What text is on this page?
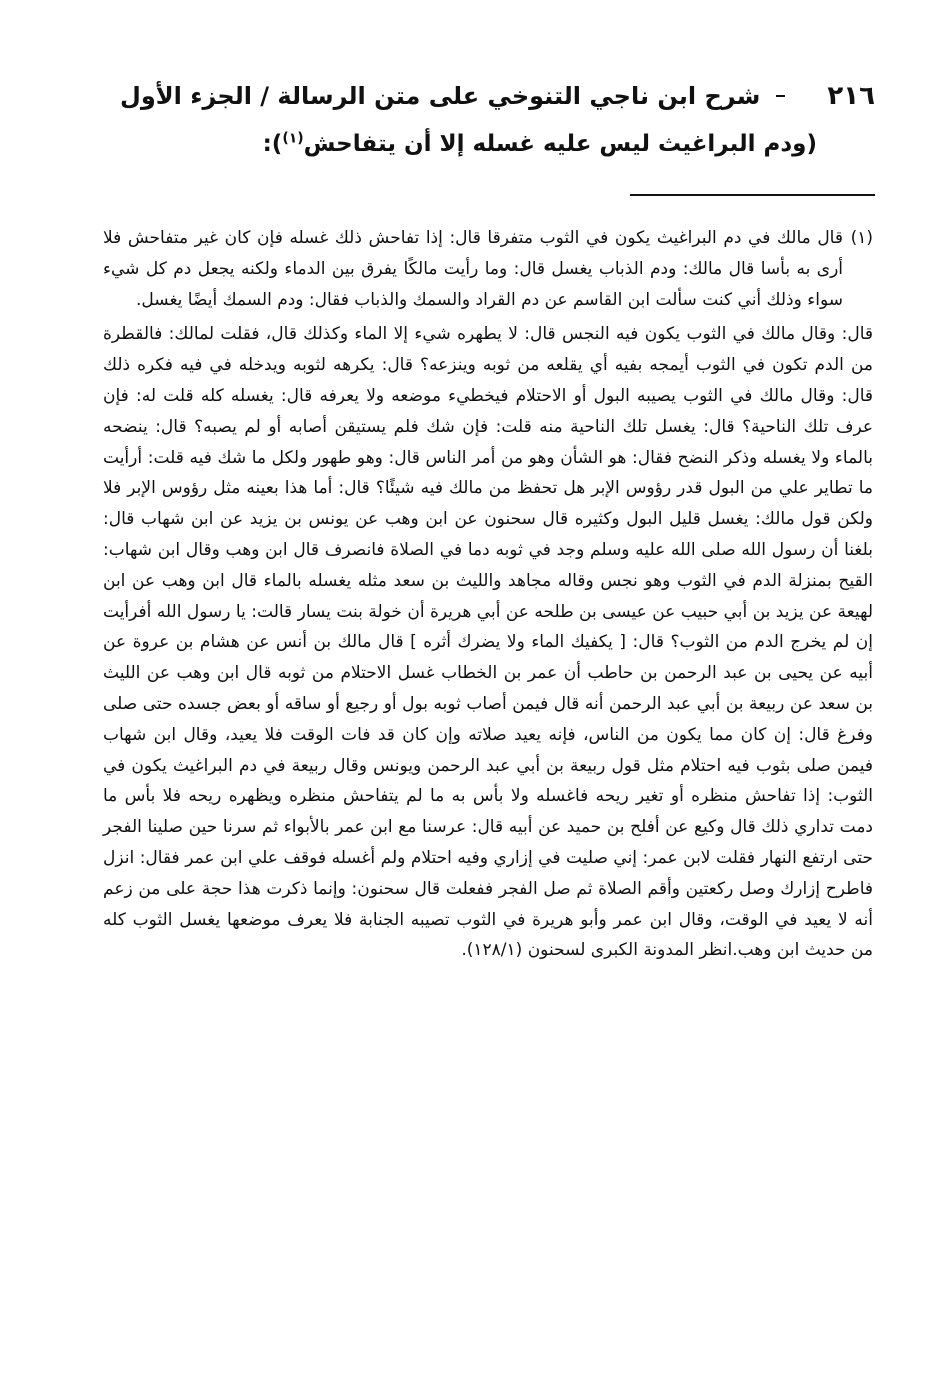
٢١٦
شرح ابن ناجي التنوخي على متن الرسالة / الجزء الأول
(ودم البراغيث ليس عليه غسله إلا أن يتفاحش$^{(١)}$):

(١)قال مالك في دم البراغيث يكون في الثوب متفرقا قال: إذا تفاحش ذلك غسله فإن كان غير متفاحش فلا أرى به بأسا قال مالك: ودم الذباب يغسل قال: وما رأيت مالكًا يفرق بين الدماء ولكنه يجعل دم كل شيء سواء وذلك أني كنت سألت ابن القاسم عن دم القراد والسمك والذباب فقال: ودم السمك أيضًا يغسل.

قال: وقال مالك في الثوب يكون فيه النجس قال: لا يطهره شيء إلا الماء وكذلك قال، فقلت لمالك: فالقطرة من الدم تكون في الثوب أيمجه بفيه أي يقلعه من ثوبه وينزعه؟ قال: يكرهه لثوبه ويدخله في فيه فكره ذلك قال: وقال مالك في الثوب يصيبه البول أو الاحتلام فيخطيء موضعه ولا يعرفه قال: يغسله كله قلت له: فإن عرف تلك الناحية؟ قال: يغسل تلك الناحية منه قلت: فإن شك فلم يستيقن أصابه أو لم يصبه؟ قال: ينضحه بالماء ولا يغسله وذكر النضح فقال: هو الشأن وهو من أمر الناس قال: وهو طهور ولكل ما شك فيه قلت: أرأيت ما تطاير علي من البول قدر رؤوس الإبر هل تحفظ من مالك فيه شيئًا؟ قال: أما هذا بعينه مثل رؤوس الإبر فلا ولكن قول مالك: يغسل قليل البول وكثيره قال سحنون عن ابن وهب عن يونس بن يزيد عن ابن شهاب قال: بلغنا أن رسول الله صلى الله عليه وسلم وجد في ثوبه دما في الصلاة فانصرف قال ابن وهب وقال ابن شهاب: القيح بمنزلة الدم في الثوب وهو نجس وقاله مجاهد والليث بن سعد مثله يغسله بالماء قال ابن وهب عن ابن لهيعة عن يزيد بن أبي حبيب عن عيسى بن طلحه عن أبي هريرة أن خولة بنت يسار قالت: يا رسول الله أفرأيت إن لم يخرج الدم من الثوب؟ قال: [ يكفيك الماء ولا يضرك أثره ] قال مالك بن أنس عن هشام بن عروة عن أبيه عن يحيى بن عبد الرحمن بن حاطب أن عمر بن الخطاب غسل الاحتلام من ثوبه قال ابن وهب عن الليث بن سعد عن ربيعة بن أبي عبد الرحمن أنه قال فيمن أصاب ثوبه بول أو رجيع أو ساقه أو بعض جسده حتى صلى وفرغ قال: إن كان مما يكون من الناس، فإنه يعيد صلاته وإن كان قد فات الوقت فلا يعيد، وقال ابن شهاب فيمن صلى بثوب فيه احتلام مثل قول ربيعة بن أبي عبد الرحمن ويونس وقال ربيعة في دم البراغيث يكون في الثوب: إذا تفاحش منظره أو تغير ريحه فاغسله ولا بأس به ما لم يتفاحش منظره ويظهره ريحه فلا بأس ما دمت تداري ذلك قال وكيع عن أفلح بن حميد عن أبيه قال: عرسنا مع ابن عمر بالأبواء ثم سرنا حين صلينا الفجر حتى ارتفع النهار فقلت لابن عمر: إني صليت في إزاري وفيه احتلام ولم أغسله فوقف علي ابن عمر فقال: انزل فاطرح إزارك وصل ركعتين وأقم الصلاة ثم صل الفجر ففعلت قال سحنون: وإنما ذكرت هذا حجة على من زعم أنه لا يعيد في الوقت، وقال ابن عمر وأبو هريرة في الثوب تصيبه الجنابة فلا يعرف موضعها يغسل الثوب كله من حديث ابن وهب.انظر المدونة الكبرى لسحنون (١٢٨/١).
